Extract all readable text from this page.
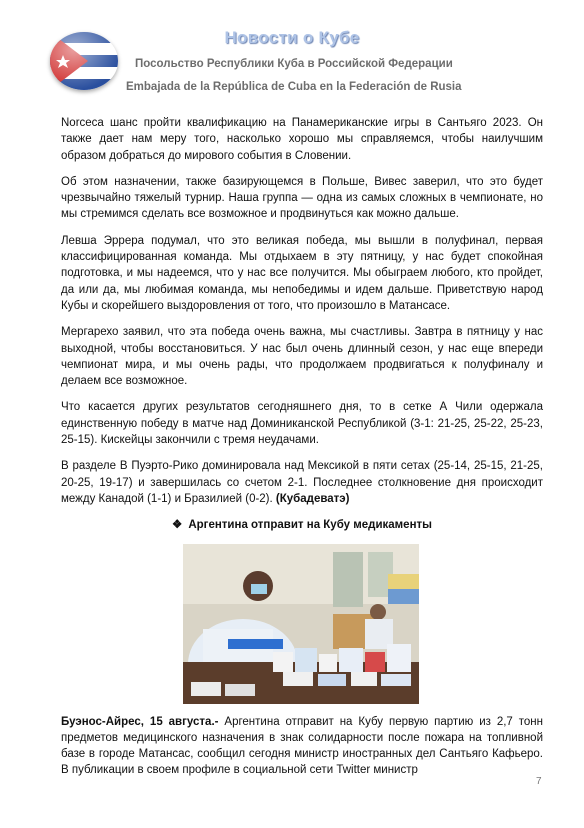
Новости о Кубе
Посольство Республики Куба в Российской Федерации
Embajada de la República de Cuba en la Federación de Rusia

Norceca шанс пройти квалификацию на Панамериканские игры в Сантьяго 2023. Он также дает нам меру того, насколько хорошо мы справляемся, чтобы наилучшим образом добраться до мирового события в Словении.

Об этом назначении, также базирующемся в Польше, Вивес заверил, что это будет чрезвычайно тяжелый турнир. Наша группа — одна из самых сложных в чемпионате, но мы стремимся сделать все возможное и продвинуться как можно дальше.

Левша Эррера подумал, что это великая победа, мы вышли в полуфинал, первая классифицированная команда. Мы отдыхаем в эту пятницу, у нас будет спокойная подготовка, и мы надеемся, что у нас все получится. Мы обыграем любого, кто пройдет, да или да, мы любимая команда, мы непобедимы и идем дальше. Приветствую народ Кубы и скорейшего выздоровления от того, что произошло в Матансасе.

Мергарехо заявил, что эта победа очень важна, мы счастливы. Завтра в пятницу у нас выходной, чтобы восстановиться. У нас был очень длинный сезон, у нас еще впереди чемпионат мира, и мы очень рады, что продолжаем продвигаться к полуфиналу и делаем все возможное.

Что касается других результатов сегодняшнего дня, то в сетке А Чили одержала единственную победу в матче над Доминиканской Республикой (3-1: 21-25, 25-22, 25-23, 25-15). Кискейцы закончили с тремя неудачами.

В разделе В Пуэрто-Рико доминировала над Мексикой в пяти сетах (25-14, 25-15, 21-25, 20-25, 19-17) и завершилась со счетом 2-1. Последнее столкновение дня происходит между Канадой (1-1) и Бразилией (0-2). (Кубадеватэ)

❖ Аргентина отправит на Кубу медикаменты

Буэнос-Айрес, 15 августа.- Аргентина отправит на Кубу первую партию из 2,7 тонн предметов медицинского назначения в знак солидарности после пожара на топливной базе в городе Матансас, сообщил сегодня министр иностранных дел Сантьяго Кафьеро. В публикации в своем профиле в социальной сети Twitter министр

7
